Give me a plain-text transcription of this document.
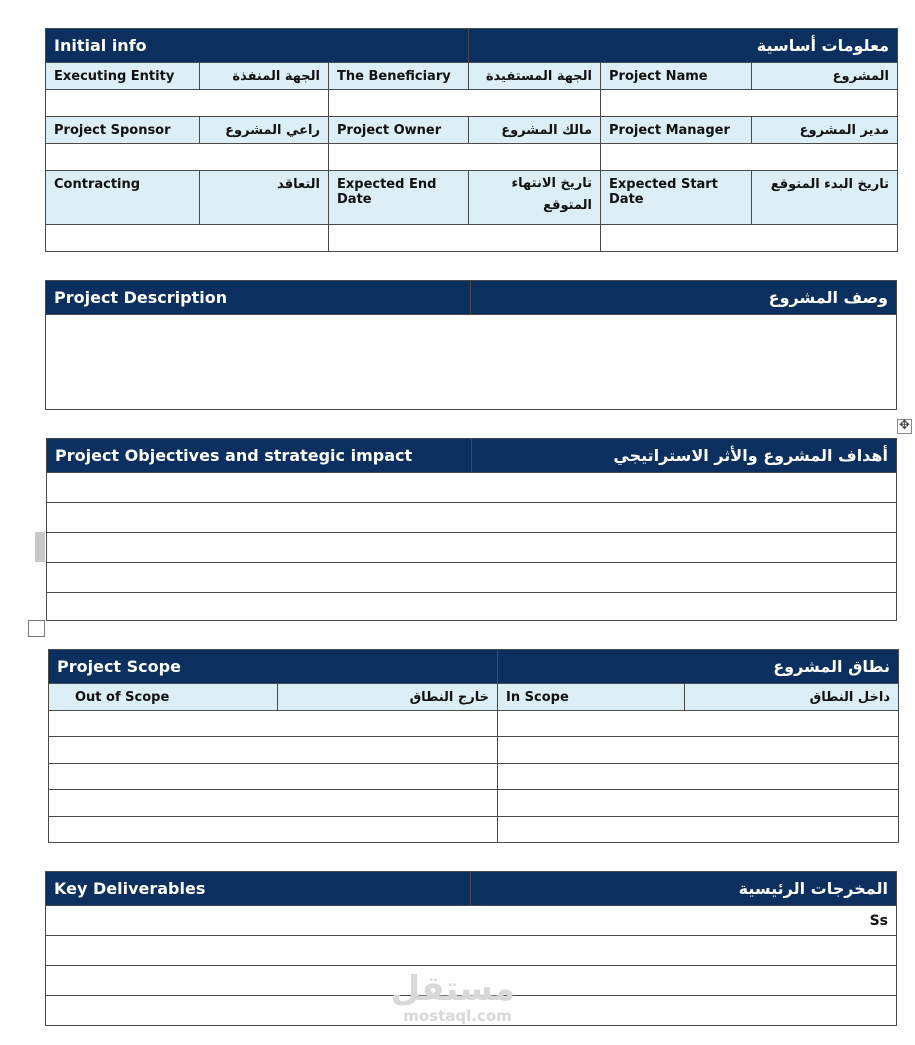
Initial info			معلومات أساسية		
Executing Entity	الجهة المنفذة	The Beneficiary	الجهة المستفيدة	Project Name	المشروع

Project Sponsor	راعي المشروع	Project Owner	مالك المشروع	Project Manager	مدير المشروع

Contracting	التعاقد	Expected End Date	تاريخ الانتهاء المتوقع	Expected Start Date	تاريخ البدء المتوقع

Project Description	وصف المشروع

✥
Project Objectives and strategic impact	أهداف المشروع والأثر الاستراتيجي

Project Scope		نطاق المشروع	
Out of Scope	خارج النطاق	In Scope	داخل النطاق

Key Deliverables	المخرجات الرئيسية
Ss

مستقل
mostaql.com
